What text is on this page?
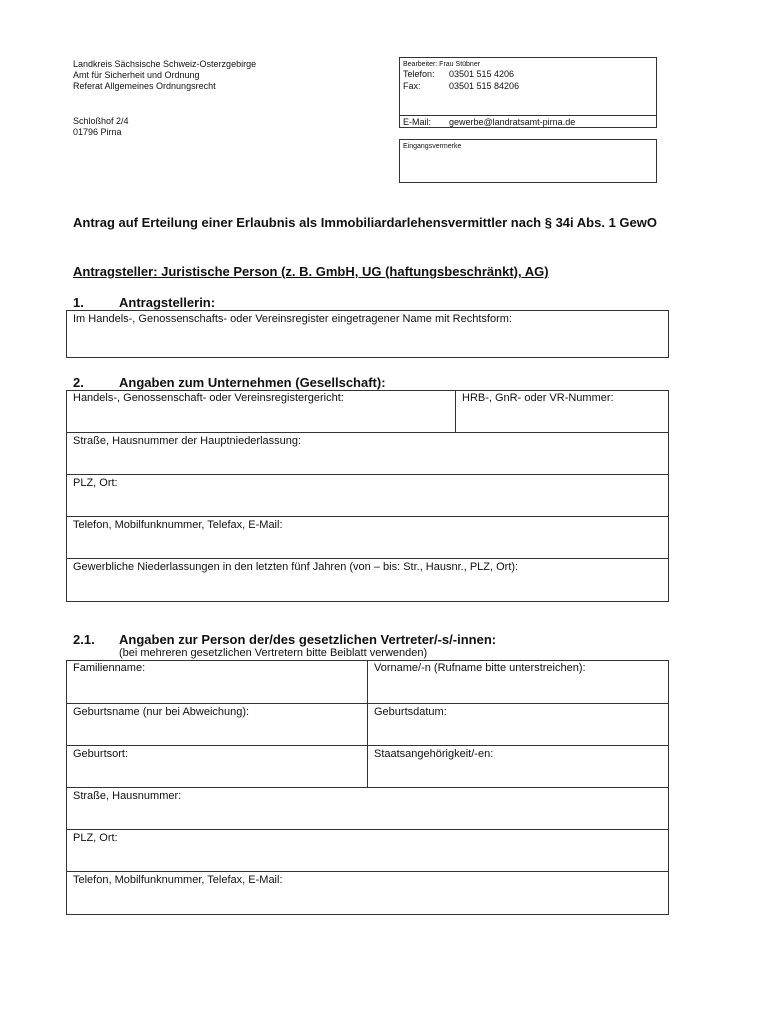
Landkreis Sächsische Schweiz-Osterzgebirge
Amt für Sicherheit und Ordnung
Referat Allgemeines Ordnungsrecht
Schloßhof 2/4
01796 Pirna
Bearbeiter: Frau Stübner
Telefon: 03501 515 4206
Fax:	03501 515 84206
E-Mail: gewerbe@landratsamt-pirna.de
Eingangsvermerke
Antrag auf Erteilung einer Erlaubnis als Immobiliardarlehensvermittler nach § 34i Abs. 1 GewO
Antragsteller: Juristische Person (z. B. GmbH, UG (haftungsbeschränkt), AG)
1.	Antragstellerin:
Im Handels-, Genossenschafts- oder Vereinsregister eingetragener Name mit Rechtsform:
2.	Angaben zum Unternehmen (Gesellschaft):
Handels-, Genossenschaft- oder Vereinsregistergericht:	HRB-, GnR- oder VR-Nummer:
Straße, Hausnummer der Hauptniederlassung:
PLZ, Ort:
Telefon, Mobilfunknummer, Telefax, E-Mail:
Gewerbliche Niederlassungen in den letzten fünf Jahren (von – bis: Str., Hausnr., PLZ, Ort):
2.1. Angaben zur Person der/des gesetzlichen Vertreter/-s/-innen:
(bei mehreren gesetzlichen Vertretern bitte Beiblatt verwenden)
Familienname:	Vorname/-n (Rufname bitte unterstreichen):
Geburtsname (nur bei Abweichung):	Geburtsdatum:
Geburtsort:	Staatsangehörigkeit/-en:
Straße, Hausnummer:
PLZ, Ort:
Telefon, Mobilfunknummer, Telefax, E-Mail:
